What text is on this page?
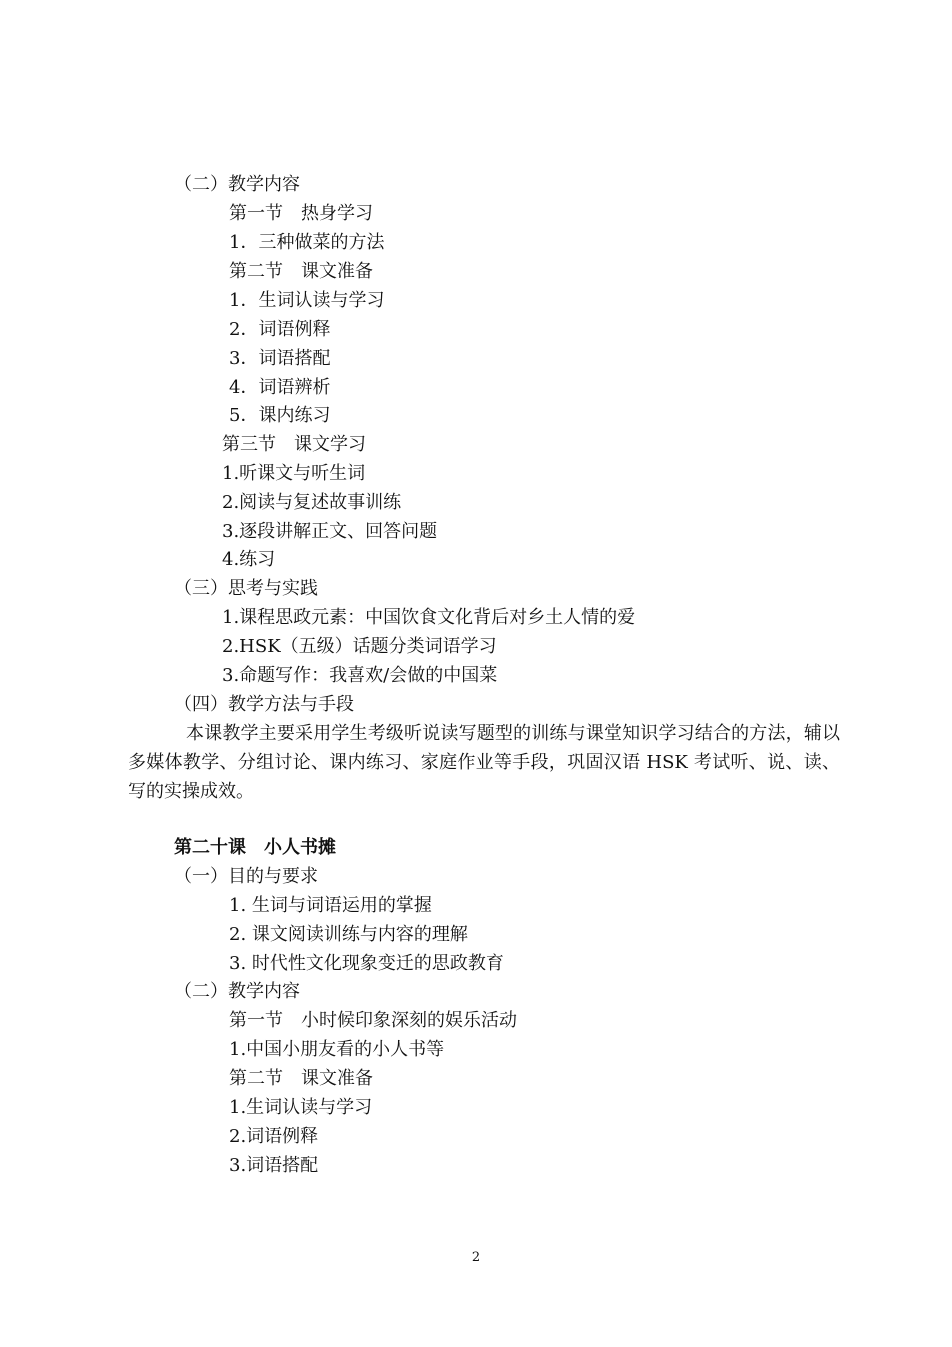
（二）教学内容
第一节　热身学习
1．三种做菜的方法
第二节　课文准备
1．生词认读与学习
2．词语例释
3．词语搭配
4．词语辨析
5．课内练习
第三节　课文学习
1.听课文与听生词
2.阅读与复述故事训练
3.逐段讲解正文、回答问题
4.练习
（三）思考与实践
1.课程思政元素：中国饮食文化背后对乡土人情的爱
2.HSK（五级）话题分类词语学习
3.命题写作：我喜欢/会做的中国菜
（四）教学方法与手段
本课教学主要采用学生考级听说读写题型的训练与课堂知识学习结合的方法，辅以多媒体教学、分组讨论、课内练习、家庭作业等手段，巩固汉语 HSK 考试听、说、读、写的实操成效。
第二十课　小人书摊
（一）目的与要求
1. 生词与词语运用的掌握
2. 课文阅读训练与内容的理解
3. 时代性文化现象变迁的思政教育
（二）教学内容
第一节　小时候印象深刻的娱乐活动
1.中国小朋友看的小人书等
第二节　课文准备
1.生词认读与学习
2.词语例释
3.词语搭配
2
